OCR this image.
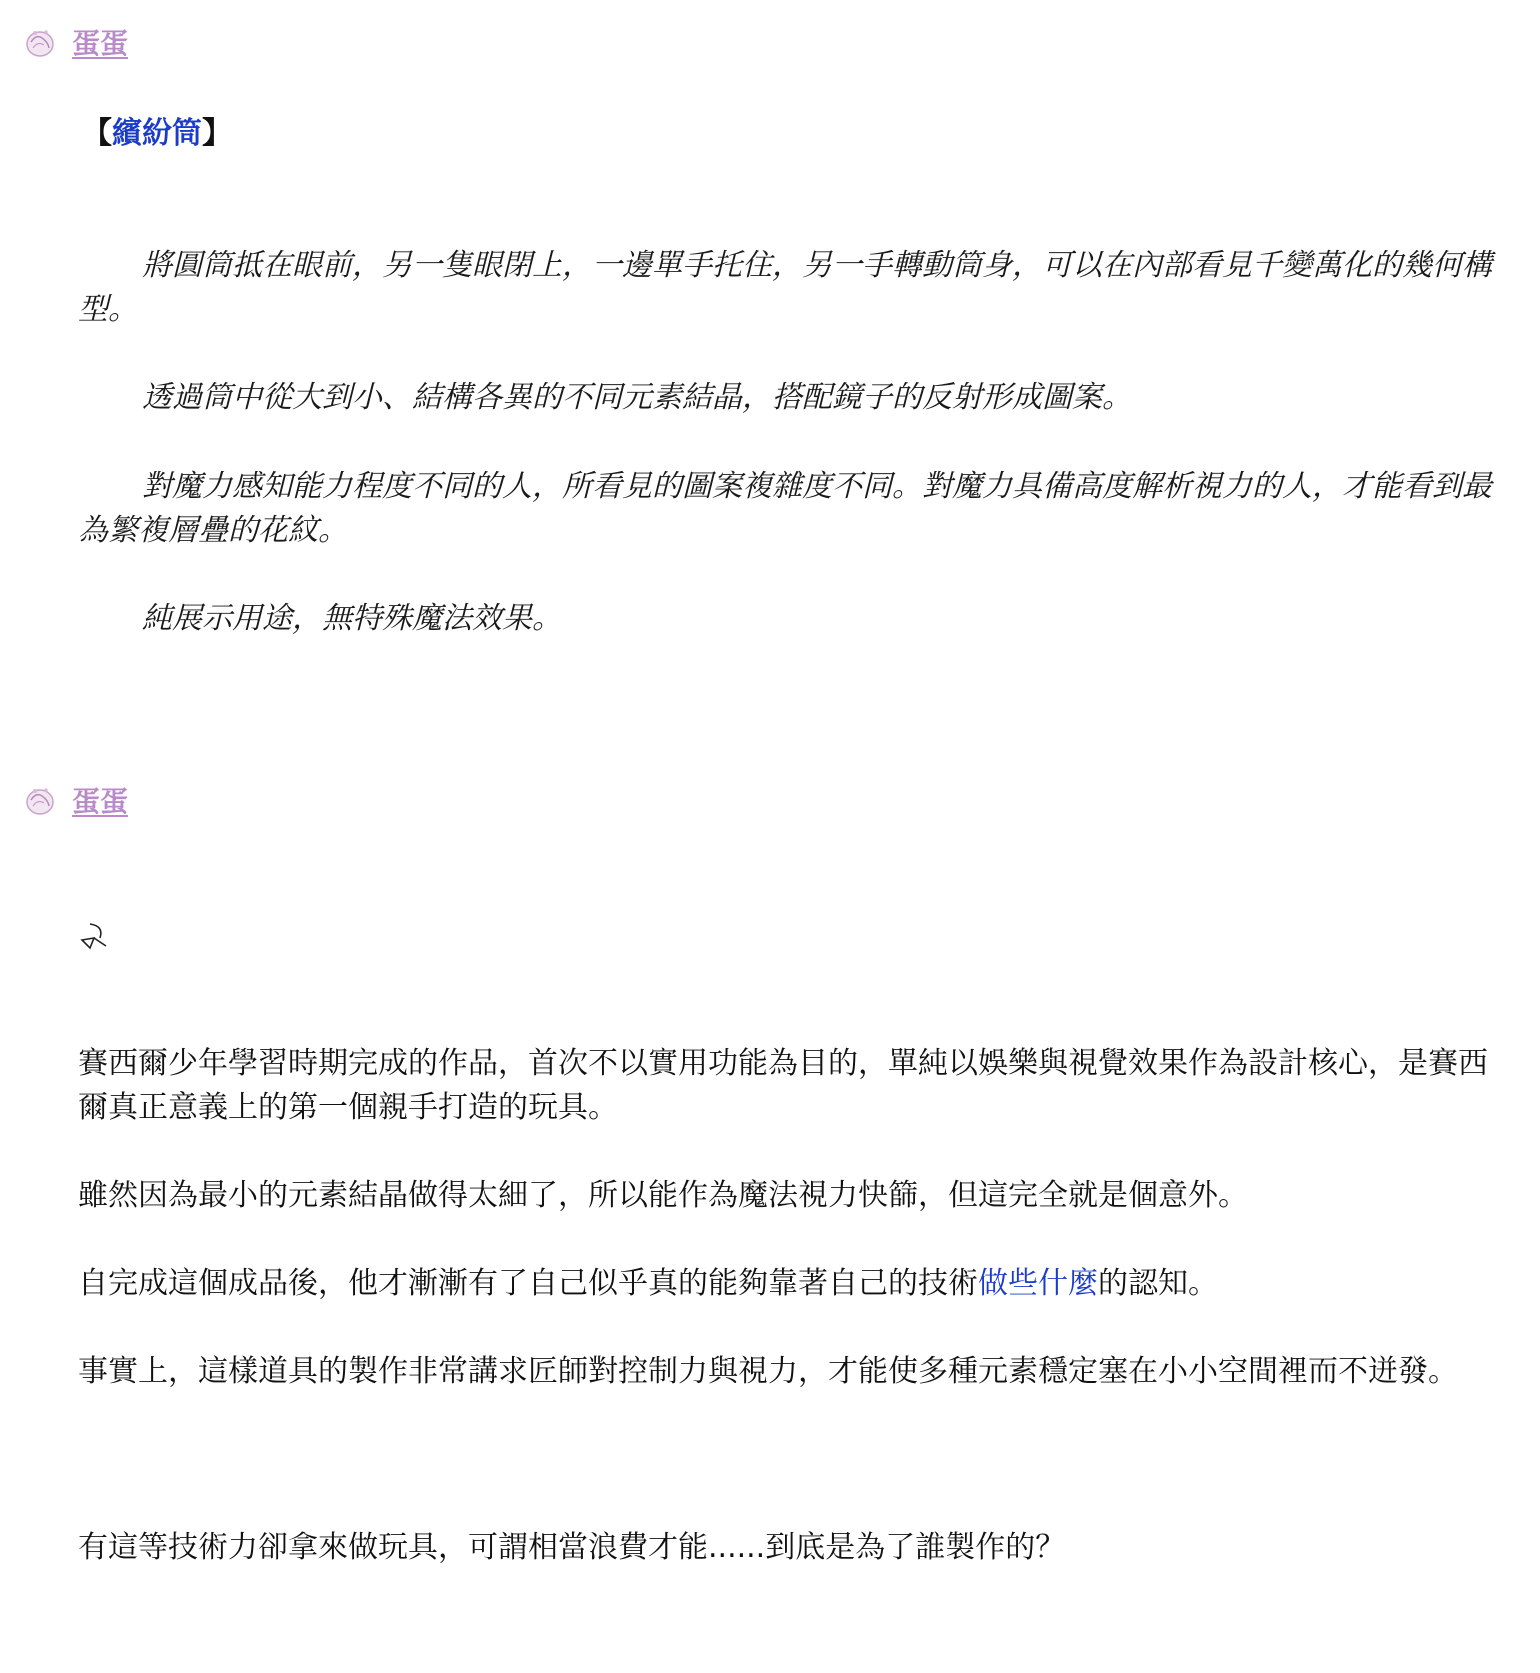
蛋蛋
【繽紛筒】

將圓筒抵在眼前，另一隻眼閉上，一邊單手托住，另一手轉動筒身，可以在內部看見千變萬化的幾何構型。

透過筒中從大到小、結構各異的不同元素結晶，搭配鏡子的反射形成圖案。

對魔力感知能力程度不同的人，所看見的圖案複雜度不同。對魔力具備高度解析視力的人，才能看到最為繁複層疊的花紋。

純展示用途，無特殊魔法效果。

蛋蛋

賽西爾少年學習時期完成的作品，首次不以實用功能為目的，單純以娛樂與視覺效果作為設計核心，是賽西爾真正意義上的第一個親手打造的玩具。

雖然因為最小的元素結晶做得太細了，所以能作為魔法視力快篩，但這完全就是個意外。

自完成這個成品後，他才漸漸有了自己似乎真的能夠靠著自己的技術做些什麼的認知。

事實上，這樣道具的製作非常講求匠師對控制力與視力，才能使多種元素穩定塞在小小空間裡而不迸發。

有這等技術力卻拿來做玩具，可謂相當浪費才能......到底是為了誰製作的？
